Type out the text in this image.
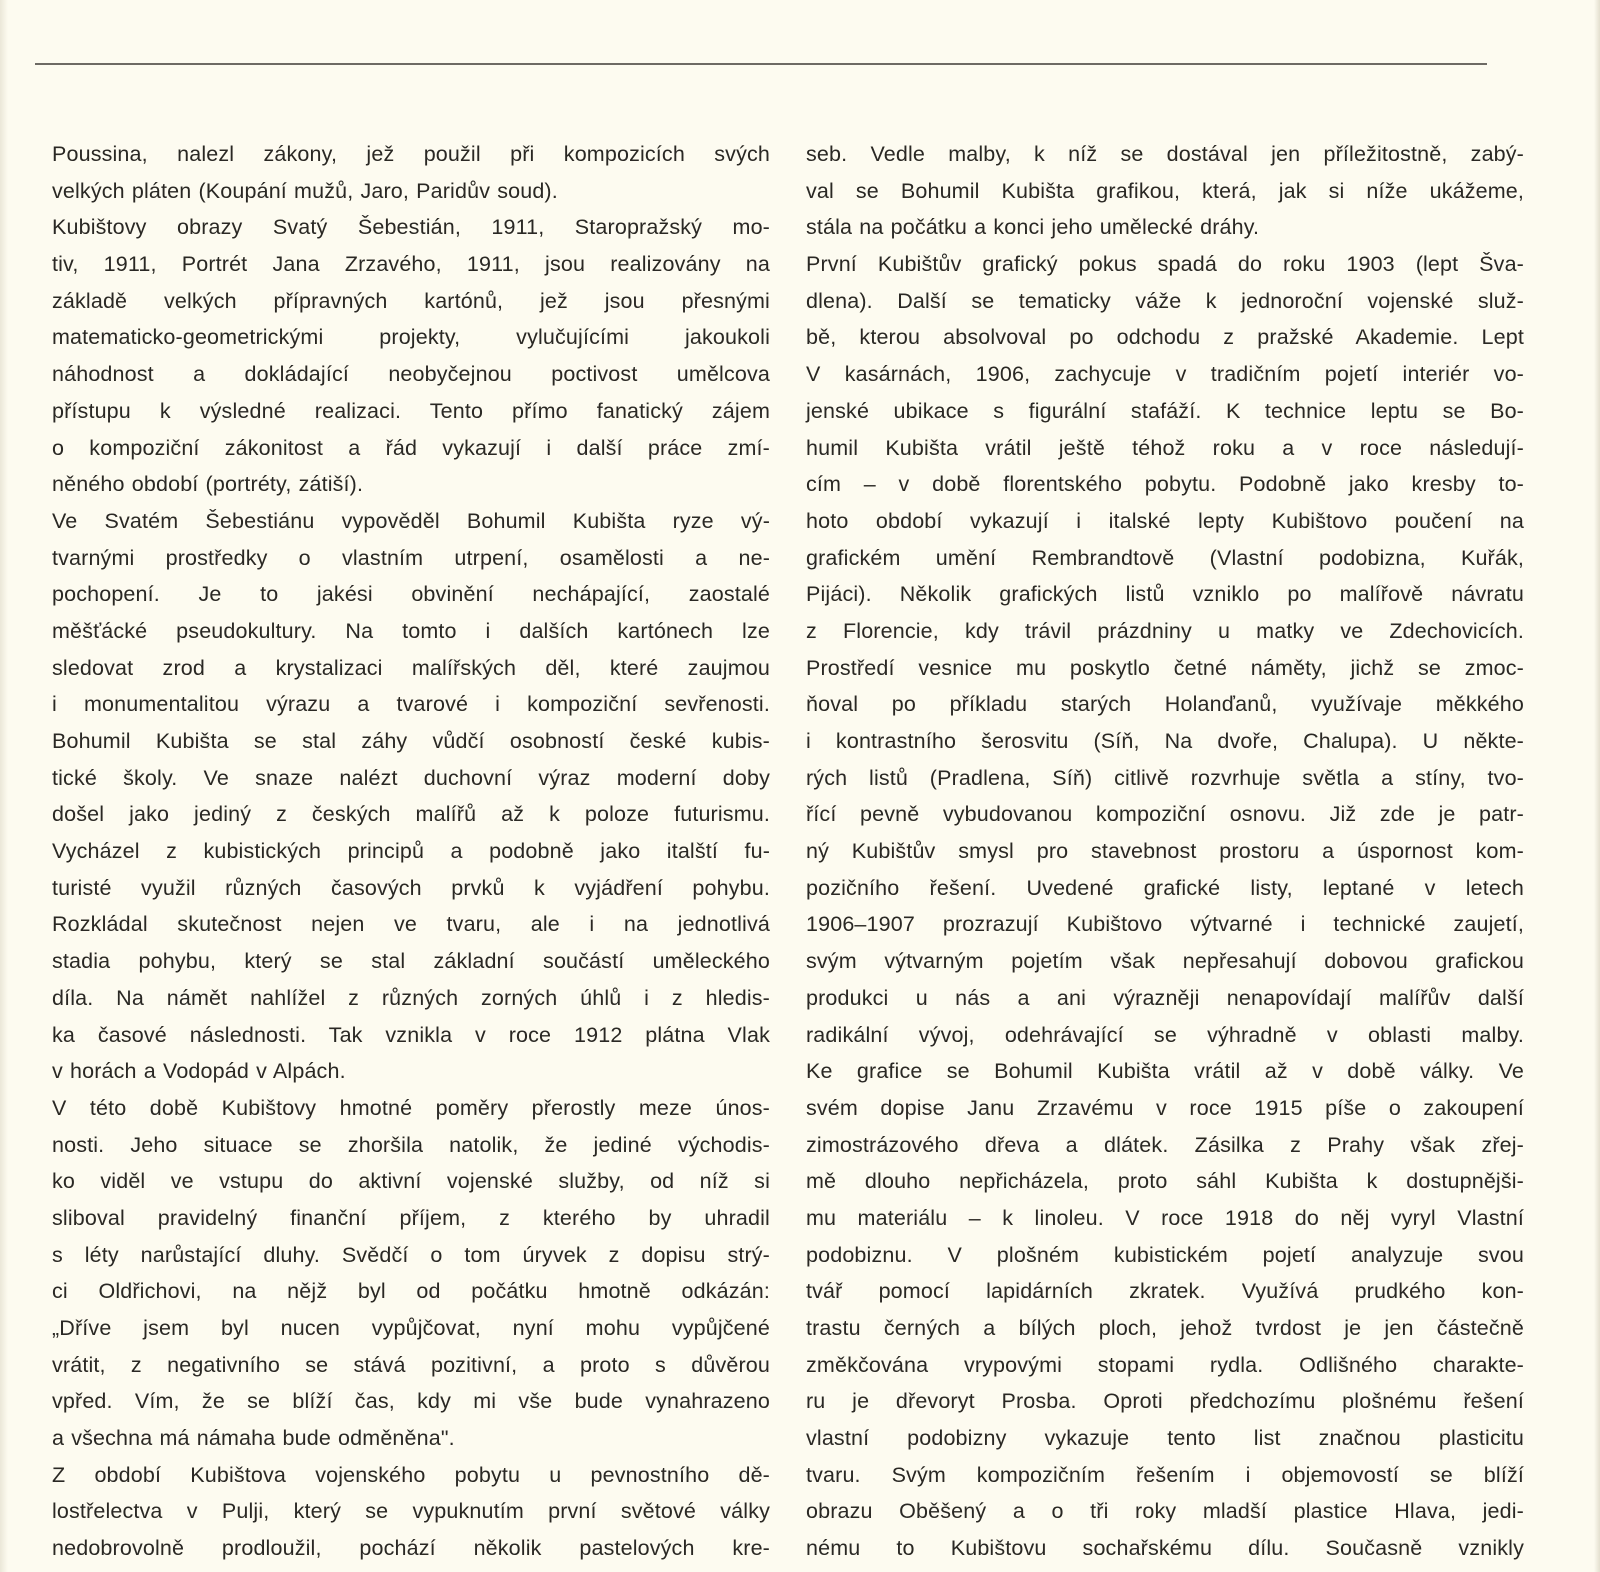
Poussina, nalezl zákony, jež použil při kompozicích svých
velkých pláten (Koupání mužů, Jaro, Paridův soud).
Kubištovy obrazy Svatý Šebestián, 1911, Staropražský mo-
tiv, 1911, Portrét Jana Zrzavého, 1911, jsou realizovány na
základě velkých přípravných kartónů, jež jsou přesnými
matematicko-geometrickými projekty, vylučujícími jakoukoli
náhodnost a dokládající neobyčejnou poctivost umělcova
přístupu k výsledné realizaci. Tento přímo fanatický zájem
o kompoziční zákonitost a řád vykazují i další práce zmí-
něného období (portréty, zátiší).
Ve Svatém Šebestiánu vypověděl Bohumil Kubišta ryze vý-
tvarnými prostředky o vlastním utrpení, osamělosti a ne-
pochopení. Je to jakési obvinění nechápající, zaostalé
měšťácké pseudokultury. Na tomto i dalších kartónech lze
sledovat zrod a krystalizaci malířských děl, které zaujmou
i monumentalitou výrazu a tvarové i kompoziční sevřenosti.
Bohumil Kubišta se stal záhy vůdčí osobností české kubis-
tické školy. Ve snaze nalézt duchovní výraz moderní doby
došel jako jediný z českých malířů až k poloze futurismu.
Vycházel z kubistických principů a podobně jako italští fu-
turisté využil různých časových prvků k vyjádření pohybu.
Rozkládal skutečnost nejen ve tvaru, ale i na jednotlivá
stadia pohybu, který se stal základní součástí uměleckého
díla. Na námět nahlížel z různých zorných úhlů i z hledis-
ka časové následnosti. Tak vznikla v roce 1912 plátna Vlak
v horách a Vodopád v Alpách.
V této době Kubištovy hmotné poměry přerostly meze únos-
nosti. Jeho situace se zhoršila natolik, že jediné východis-
ko viděl ve vstupu do aktivní vojenské služby, od níž si
sliboval pravidelný finanční příjem, z kterého by uhradil
s léty narůstající dluhy. Svědčí o tom úryvek z dopisu strý-
ci Oldřichovi, na nějž byl od počátku hmotně odkázán:
„Dříve jsem byl nucen vypůjčovat, nyní mohu vypůjčené
vrátit, z negativního se stává pozitivní, a proto s důvěrou
vpřed. Vím, že se blíží čas, kdy mi vše bude vynahrazeno
a všechna má námaha bude odměněna".
Z období Kubištova vojenského pobytu u pevnostního dě-
lostřelectva v Pulji, který se vypuknutím první světové války
nedobrovolně prodloužil, pochází několik pastelových kre-
seb. Vedle malby, k níž se dostával jen příležitostně, zabý-
val se Bohumil Kubišta grafikou, která, jak si níže ukážeme,
stála na počátku a konci jeho umělecké dráhy.
První Kubištův grafický pokus spadá do roku 1903 (lept Šva-
dlena). Další se tematicky váže k jednoroční vojenské služ-
bě, kterou absolvoval po odchodu z pražské Akademie. Lept
V kasárnách, 1906, zachycuje v tradičním pojetí interiér vo-
jenské ubikace s figurální stafáží. K technice leptu se Bo-
humil Kubišta vrátil ještě téhož roku a v roce následují-
cím – v době florentského pobytu. Podobně jako kresby to-
hoto období vykazují i italské lepty Kubištovo poučení na
grafickém umění Rembrandtově (Vlastní podobizna, Kuřák,
Pijáci). Několik grafických listů vzniklo po malířově návratu
z Florencie, kdy trávil prázdniny u matky ve Zdechovicích.
Prostředí vesnice mu poskytlo četné náměty, jichž se zmoc-
ňoval po příkladu starých Holanďanů, využívaje měkkého
i kontrastního šerosvitu (Síň, Na dvoře, Chalupa). U někte-
rých listů (Pradlena, Síň) citlivě rozvrhuje světla a stíny, tvo-
řící pevně vybudovanou kompoziční osnovu. Již zde je patr-
ný Kubištův smysl pro stavebnost prostoru a úspornost kom-
pozičního řešení. Uvedené grafické listy, leptané v letech
1906–1907 prozrazují Kubištovo výtvarné i technické zaujetí,
svým výtvarným pojetím však nepřesahují dobovou grafickou
produkci u nás a ani výrazněji nenapovídají malířův další
radikální vývoj, odehrávající se výhradně v oblasti malby.
Ke grafice se Bohumil Kubišta vrátil až v době války. Ve
svém dopise Janu Zrzavému v roce 1915 píše o zakoupení
zimostrázového dřeva a dlátek. Zásilka z Prahy však zřej-
mě dlouho nepřicházela, proto sáhl Kubišta k dostupnějši-
mu materiálu – k linoleu. V roce 1918 do něj vyryl Vlastní
podobiznu. V plošném kubistickém pojetí analyzuje svou
tvář pomocí lapidárních zkratek. Využívá prudkého kon-
trastu černých a bílých ploch, jehož tvrdost je jen částečně
změkčována vrypovými stopami rydla. Odlišného charakte-
ru je dřevoryt Prosba. Oproti předchozímu plošnému řešení
vlastní podobizny vykazuje tento list značnou plasticitu
tvaru. Svým kompozičním řešením i objemovostí se blíží
obrazu Oběšený a o tři roky mladší plastice Hlava, jedi-
nému to Kubištovu sochařskému dílu. Současně vznikly
